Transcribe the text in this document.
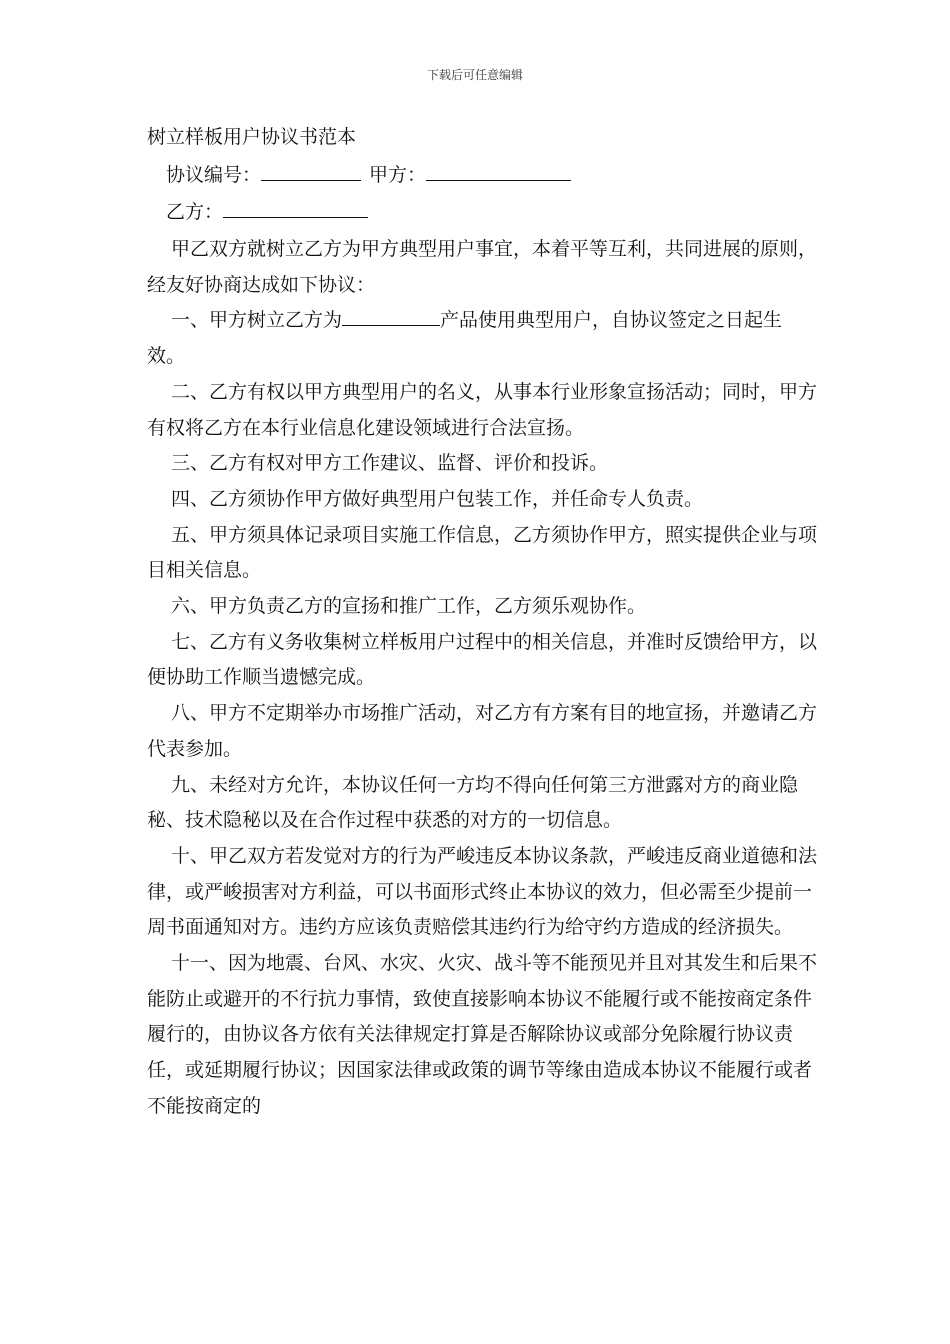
下载后可任意编辑
树立样板用户协议书范本
协议编号：	甲方：
乙方：

甲乙双方就树立乙方为甲方典型用户事宜，本着平等互利，共同进展的原则，经友好协商达成如下协议：

一、甲方树立乙方为	产品使用典型用户，自协议签定之日起生效。

二、乙方有权以甲方典型用户的名义，从事本行业形象宣扬活动；同时，甲方有权将乙方在本行业信息化建设领域进行合法宣扬。

三、乙方有权对甲方工作建议、监督、评价和投诉。

四、乙方须协作甲方做好典型用户包装工作，并任命专人负责。

五、甲方须具体记录项目实施工作信息，乙方须协作甲方，照实提供企业与项目相关信息。

六、甲方负责乙方的宣扬和推广工作，乙方须乐观协作。

七、乙方有义务收集树立样板用户过程中的相关信息，并准时反馈给甲方，以便协助工作顺当遗憾完成。

八、甲方不定期举办市场推广活动，对乙方有方案有目的地宣扬，并邀请乙方代表参加。

九、未经对方允许，本协议任何一方均不得向任何第三方泄露对方的商业隐秘、技术隐秘以及在合作过程中获悉的对方的一切信息。

十、甲乙双方若发觉对方的行为严峻违反本协议条款，严峻违反商业道德和法律，或严峻损害对方利益，可以书面形式终止本协议的效力，但必需至少提前一周书面通知对方。违约方应该负责赔偿其违约行为给守约方造成的经济损失。

十一、因为地震、台风、水灾、火灾、战斗等不能预见并且对其发生和后果不能防止或避开的不行抗力事情，致使直接影响本协议不能履行或不能按商定条件履行的，由协议各方依有关法律规定打算是否解除协议或部分免除履行协议责任，或延期履行协议；因国家法律或政策的调节等缘由造成本协议不能履行或者不能按商定的
